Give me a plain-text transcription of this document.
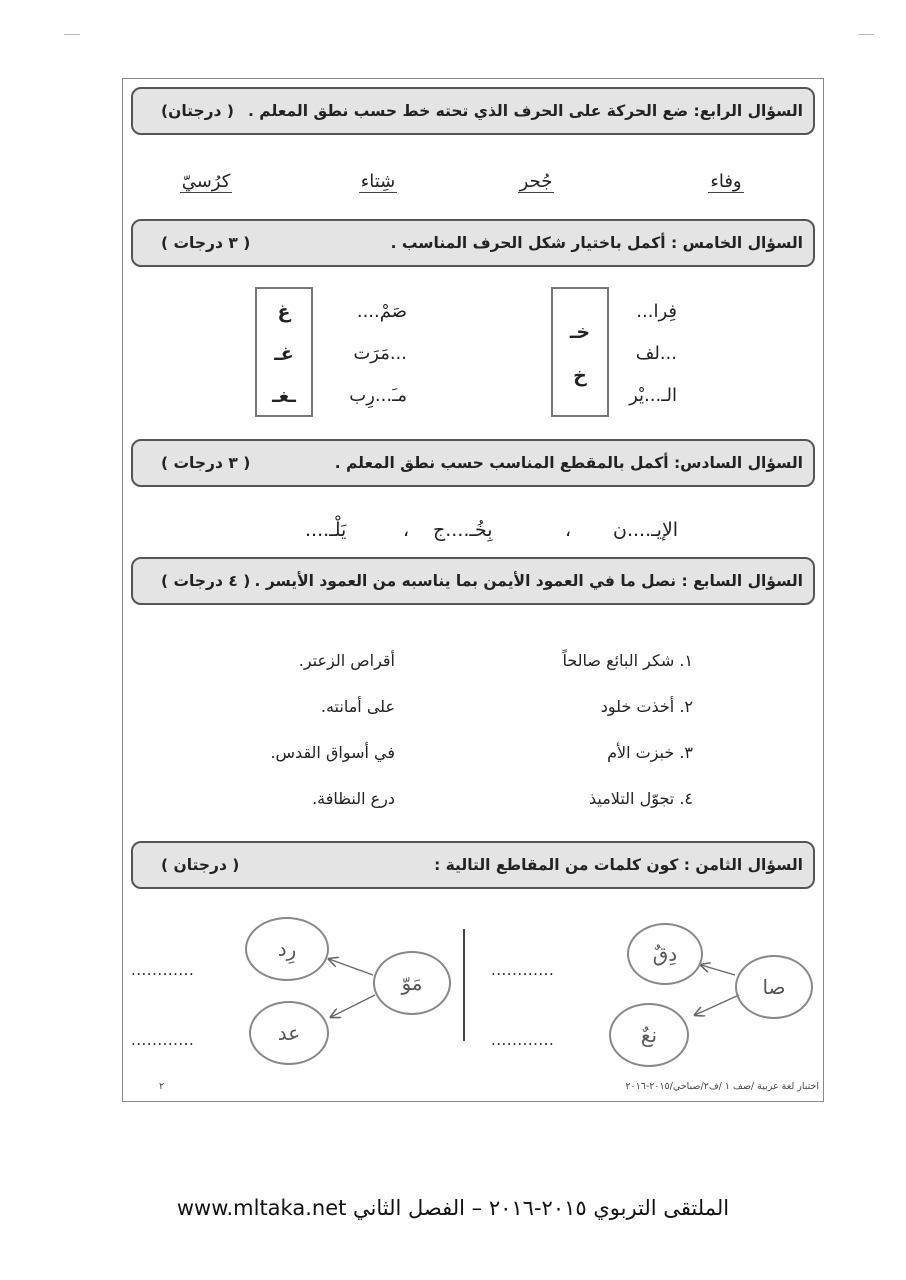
السؤال الرابع: ضع الحركة على الحرف الذي تحته خط حسب نطق المعلم .
( درجتان)
وفاء
جُحر
شِتاء
كرُسيّ
السؤال الخامس : أكمل باختيار شكل الحرف المناسب .
( ٣ درجات )
فِرا...
...لف
الـ...يْر
خـ
خ
صَمْ....
...مَرَت
مـَ...رِب
غ
غـ
ـغـ
السؤال السادس: أكمل بالمقطع المناسب حسب نطق المعلم .
( ٣ درجات )
الإيـ....ن
،
بِخُـ....ج
،
يَلْـ....
السؤال السابع : نصل ما في العمود الأيمن بما يناسبه من العمود الأيسر .
( ٤ درجات )
١. شكر البائع صالحاً
٢. أخذت خلود
٣. خبزت الأم
٤. تجوّل التلاميذ
أقراص الزعتر.
على أمانته.
في أسواق القدس.
درع النظافة.
السؤال الثامن : كون كلمات من المقاطع التالية :
( درجتان )
دِقٌ
صا
نعٌ
رِد
مَوّ
عد
............
............
............
............
٢	اختبار لغة عربية /صف ١ /ف٢/صباحي/٢٠١٥-٢٠١٦
الملتقى التربوي ٢٠١٥-٢٠١٦ – الفصل الثاني www.mltaka.net
